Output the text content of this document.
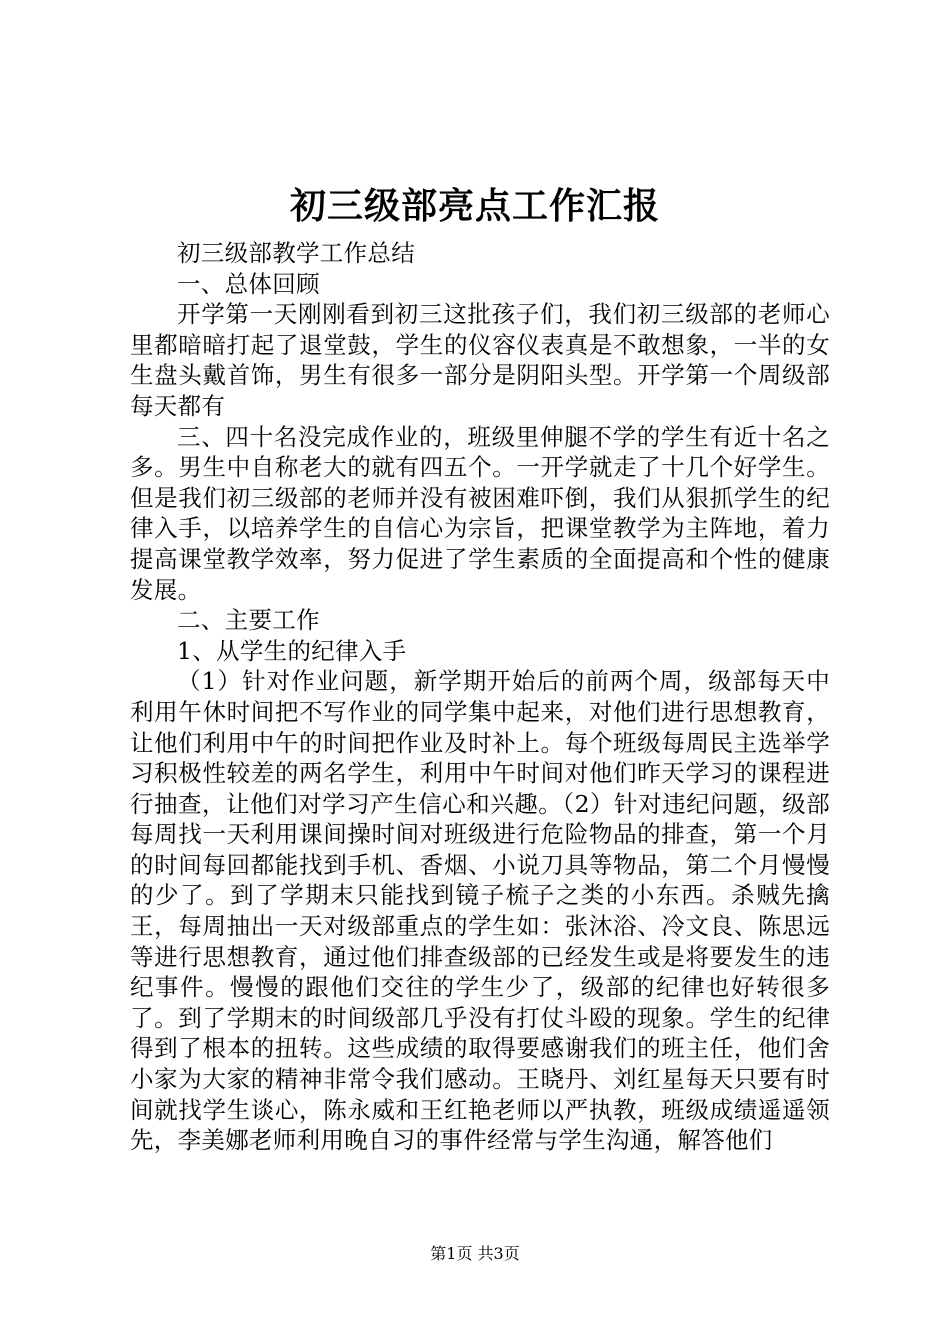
初三级部亮点工作汇报

初三级部教学工作总结

一、总体回顾

开学第一天刚刚看到初三这批孩子们，我们初三级部的老师心里都暗暗打起了退堂鼓，学生的仪容仪表真是不敢想象，一半的女生盘头戴首饰，男生有很多一部分是阴阳头型。开学第一个周级部每天都有

三、四十名没完成作业的，班级里伸腿不学的学生有近十名之多。男生中自称老大的就有四五个。一开学就走了十几个好学生。但是我们初三级部的老师并没有被困难吓倒，我们从狠抓学生的纪律入手，以培养学生的自信心为宗旨，把课堂教学为主阵地，着力提高课堂教学效率，努力促进了学生素质的全面提高和个性的健康发展。

二、主要工作

1、从学生的纪律入手

（1）针对作业问题，新学期开始后的前两个周，级部每天中利用午休时间把不写作业的同学集中起来，对他们进行思想教育，让他们利用中午的时间把作业及时补上。每个班级每周民主选举学习积极性较差的两名学生，利用中午时间对他们昨天学习的课程进行抽查，让他们对学习产生信心和兴趣。（2）针对违纪问题，级部每周找一天利用课间操时间对班级进行危险物品的排查，第一个月的时间每回都能找到手机、香烟、小说刀具等物品，第二个月慢慢的少了。到了学期末只能找到镜子梳子之类的小东西。杀贼先擒王，每周抽出一天对级部重点的学生如：张沐浴、冷文良、陈思远等进行思想教育，通过他们排查级部的已经发生或是将要发生的违纪事件。慢慢的跟他们交往的学生少了，级部的纪律也好转很多了。到了学期末的时间级部几乎没有打仗斗殴的现象。学生的纪律得到了根本的扭转。这些成绩的取得要感谢我们的班主任，他们舍小家为大家的精神非常令我们感动。王晓丹、刘红星每天只要有时间就找学生谈心，陈永威和王红艳老师以严执教，班级成绩遥遥领先，李美娜老师利用晚自习的事件经常与学生沟通，解答他们

第1页 共3页
